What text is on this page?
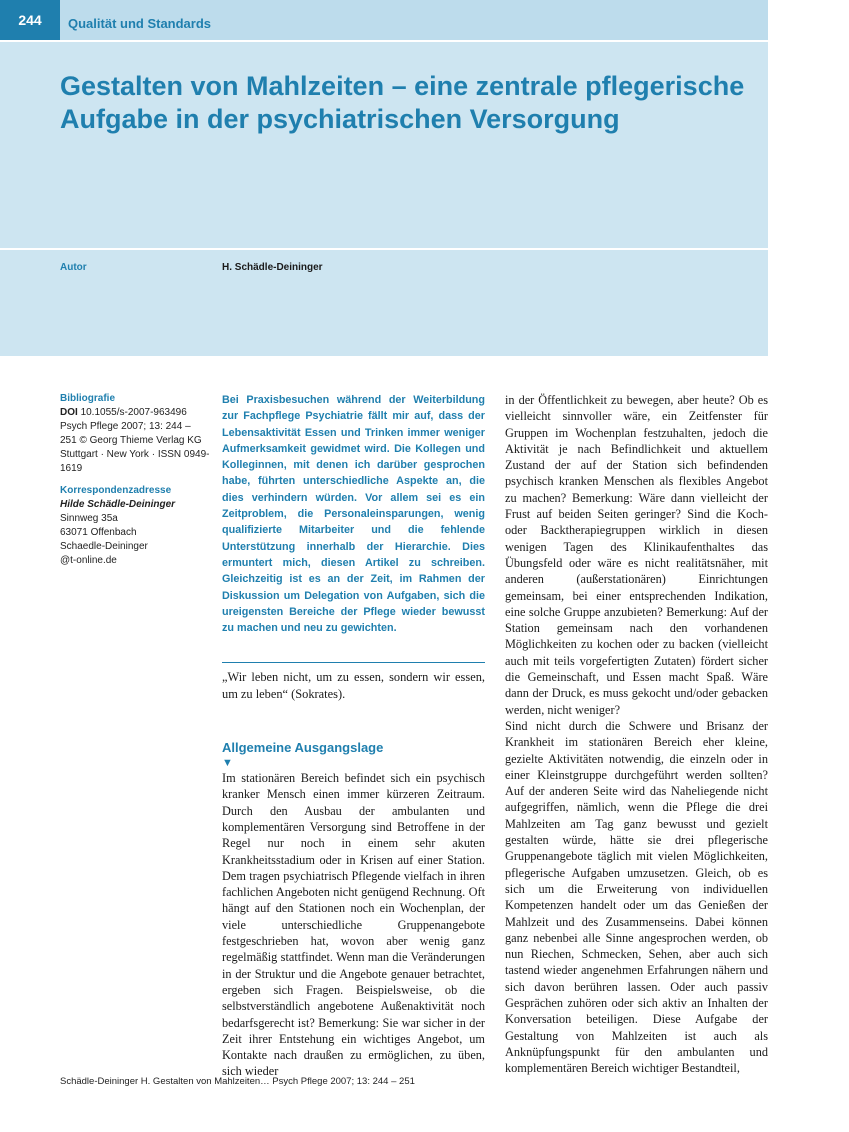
244	Qualität und Standards
Gestalten von Mahlzeiten – eine zentrale pflegerische Aufgabe in der psychiatrischen Versorgung
Autor	H. Schädle-Deininger
Bibliografie
DOI 10.1055/s-2007-963496
Psych Pflege 2007; 13: 244 – 251 © Georg Thieme Verlag KG Stuttgart · New York · ISSN 0949-1619
Korrespondenzadresse
Hilde Schädle-Deininger
Sinnweg 35a
63071 Offenbach
Schaedle-Deininger
@t-online.de

Bei Praxisbesuchen während der Weiterbildung zur Fachpflege Psychiatrie fällt mir auf, dass der Lebensaktivität Essen und Trinken immer weniger Aufmerksamkeit gewidmet wird. Die Kollegen und Kolleginnen, mit denen ich darüber gesprochen habe, führten unterschiedliche Aspekte an, die dies verhindern würden. Vor allem sei es ein Zeitproblem, die Personaleinsparungen, wenig qualifizierte Mitarbeiter und die fehlende Unterstützung innerhalb der Hierarchie. Dies ermuntert mich, diesen Artikel zu schreiben. Gleichzeitig ist es an der Zeit, im Rahmen der Diskussion um Delegation von Aufgaben, sich die ureigensten Bereiche der Pflege wieder bewusst zu machen und neu zu gewichten.

„Wir leben nicht, um zu essen, sondern wir essen, um zu leben“ (Sokrates).

Allgemeine Ausgangslage
▼

Im stationären Bereich befindet sich ein psychisch kranker Mensch einen immer kürzeren Zeitraum. Durch den Ausbau der ambulanten und komplementären Versorgung sind Betroffene in der Regel nur noch in einem sehr akuten Krankheitsstadium oder in Krisen auf einer Station. Dem tragen psychiatrisch Pflegende vielfach in ihren fachlichen Angeboten nicht genügend Rechnung. Oft hängt auf den Stationen noch ein Wochenplan, der viele unterschiedliche Gruppenangebote festgeschrieben hat, wovon aber wenig ganz regelmäßig stattfindet. Wenn man die Veränderungen in der Struktur und die Angebote genauer betrachtet, ergeben sich Fragen. Beispielsweise, ob die selbstverständlich angebotene Außenaktivität noch bedarfsgerecht ist? Bemerkung: Sie war sicher in der Zeit ihrer Entstehung ein wichtiges Angebot, um Kontakte nach draußen zu ermöglichen, zu üben, sich wieder

in der Öffentlichkeit zu bewegen, aber heute? Ob es vielleicht sinnvoller wäre, ein Zeitfenster für Gruppen im Wochenplan festzuhalten, jedoch die Aktivität je nach Befindlichkeit und aktuellem Zustand der auf der Station sich befindenden psychisch kranken Menschen als flexibles Angebot zu machen? Bemerkung: Wäre dann vielleicht der Frust auf beiden Seiten geringer? Sind die Koch- oder Backtherapiegruppen wirklich in diesen wenigen Tagen des Klinikaufenthaltes das Übungsfeld oder wäre es nicht realitätsnäher, mit anderen (außerstationären) Einrichtungen gemeinsam, bei einer entsprechenden Indikation, eine solche Gruppe anzubieten? Bemerkung: Auf der Station gemeinsam nach den vorhandenen Möglichkeiten zu kochen oder zu backen (vielleicht auch mit teils vorgefertigten Zutaten) fördert sicher die Gemeinschaft, und Essen macht Spaß. Wäre dann der Druck, es muss gekocht und/oder gebacken werden, nicht weniger?

Sind nicht durch die Schwere und Brisanz der Krankheit im stationären Bereich eher kleine, gezielte Aktivitäten notwendig, die einzeln oder in einer Kleinstgruppe durchgeführt werden sollten? Auf der anderen Seite wird das Naheliegende nicht aufgegriffen, nämlich, wenn die Pflege die drei Mahlzeiten am Tag ganz bewusst und gezielt gestalten würde, hätte sie drei pflegerische Gruppenangebote täglich mit vielen Möglichkeiten, pflegerische Aufgaben umzusetzen. Gleich, ob es sich um die Erweiterung von individuellen Kompetenzen handelt oder um das Genießen der Mahlzeit und des Zusammenseins. Dabei können ganz nebenbei alle Sinne angesprochen werden, ob nun Riechen, Schmecken, Sehen, aber auch sich tastend wieder angenehmen Erfahrungen nähern und sich davon berühren lassen. Oder auch passiv Gesprächen zuhören oder sich aktiv an Inhalten der Konversation beteiligen. Diese Aufgabe der Gestaltung von Mahlzeiten ist auch als Anknüpfungspunkt für den ambulanten und komplementären Bereich wichtiger Bestandteil,

Schädle-Deininger H. Gestalten von Mahlzeiten… Psych Pflege 2007; 13: 244 – 251
